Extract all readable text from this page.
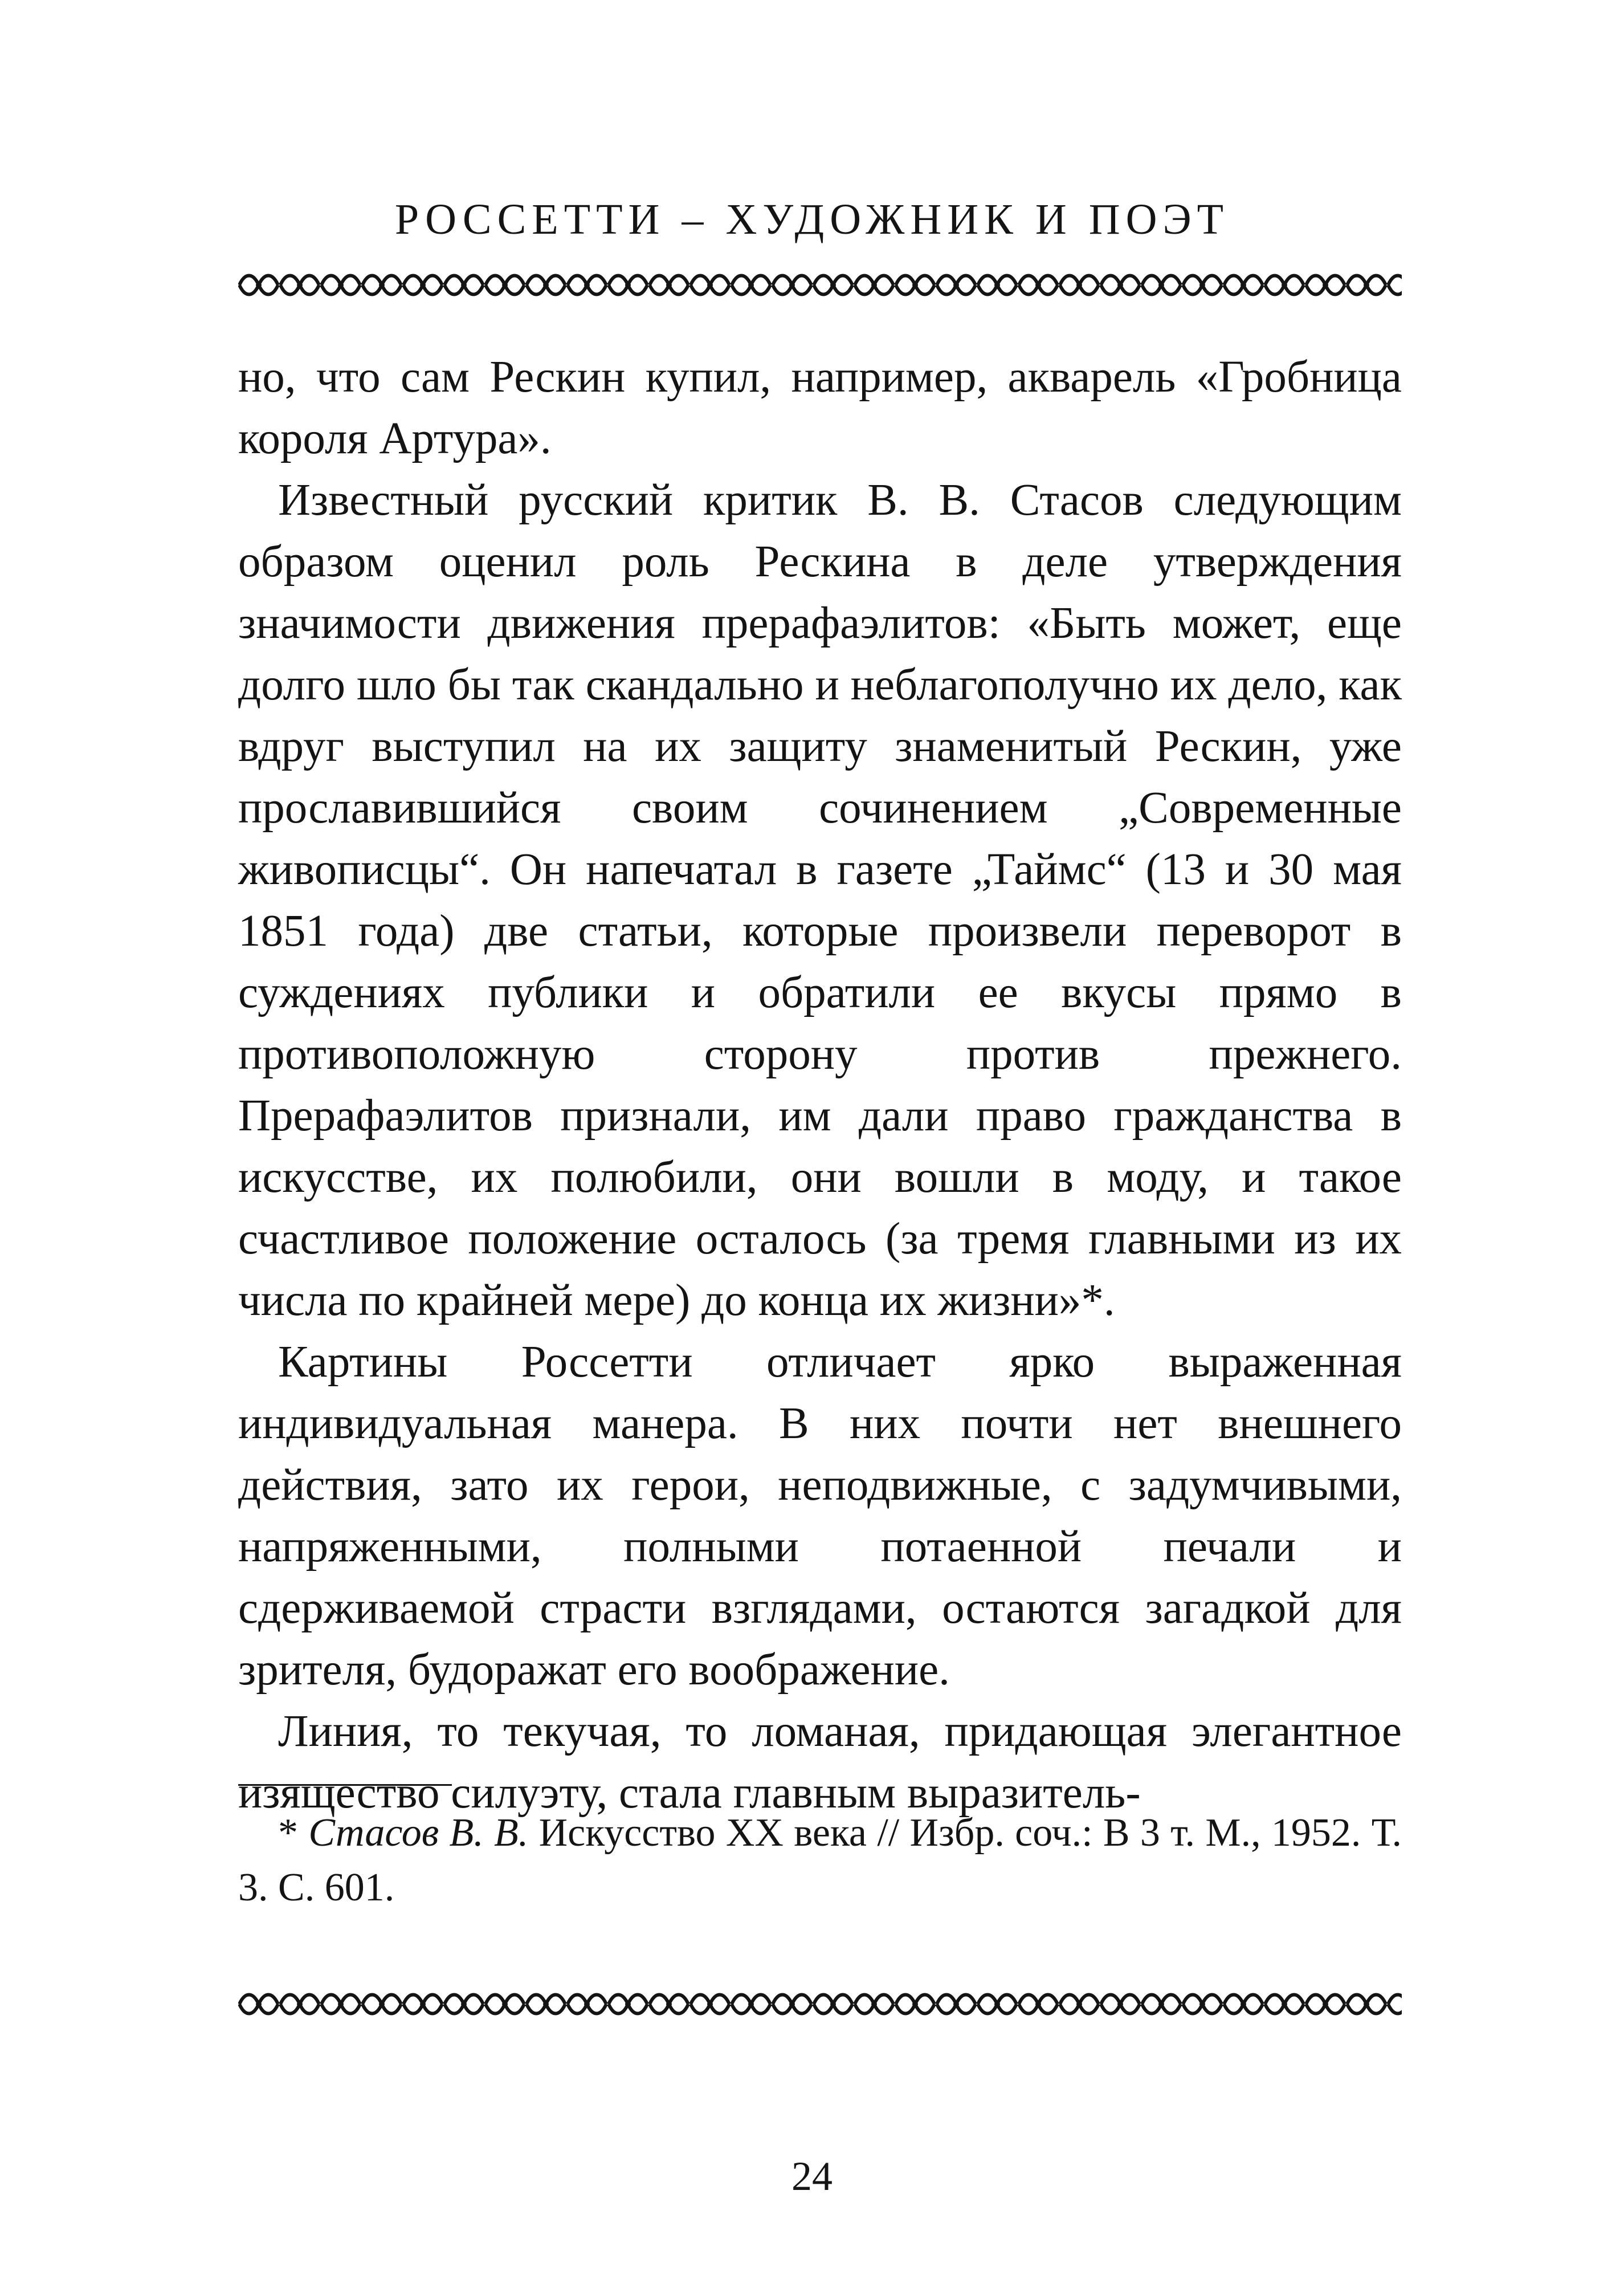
РОССЕТТИ – ХУДОЖНИК И ПОЭТ

но, что сам Рескин купил, например, акварель «Гробница короля Артура».

Известный русский критик В. В. Стасов следующим образом оценил роль Рескина в деле утверждения значимости движения прерафаэлитов: «Быть может, еще долго шло бы так скандально и неблагополучно их дело, как вдруг выступил на их защиту знаменитый Рескин, уже прославившийся своим сочинением „Современные живописцы“. Он напечатал в газете „Таймс“ (13 и 30 мая 1851 года) две статьи, которые произвели переворот в суждениях публики и обратили ее вкусы прямо в противоположную сторону против прежнего. Прерафаэлитов признали, им дали право гражданства в искусстве, их полюбили, они вошли в моду, и такое счастливое положение осталось (за тремя главными из их числа по крайней мере) до конца их жизни»*.

Картины Россетти отличает ярко выраженная индивидуальная манера. В них почти нет внешнего действия, зато их герои, неподвижные, с задумчивыми, напряженными, полными потаенной печали и сдерживаемой страсти взглядами, остаются загадкой для зрителя, будоражат его воображение.

Линия, то текучая, то ломаная, придающая элегантное изящество силуэту, стала главным выразитель-

* Стасов В. В. Искусство XX века // Избр. соч.: В 3 т. М., 1952. Т. 3. С. 601.
24
